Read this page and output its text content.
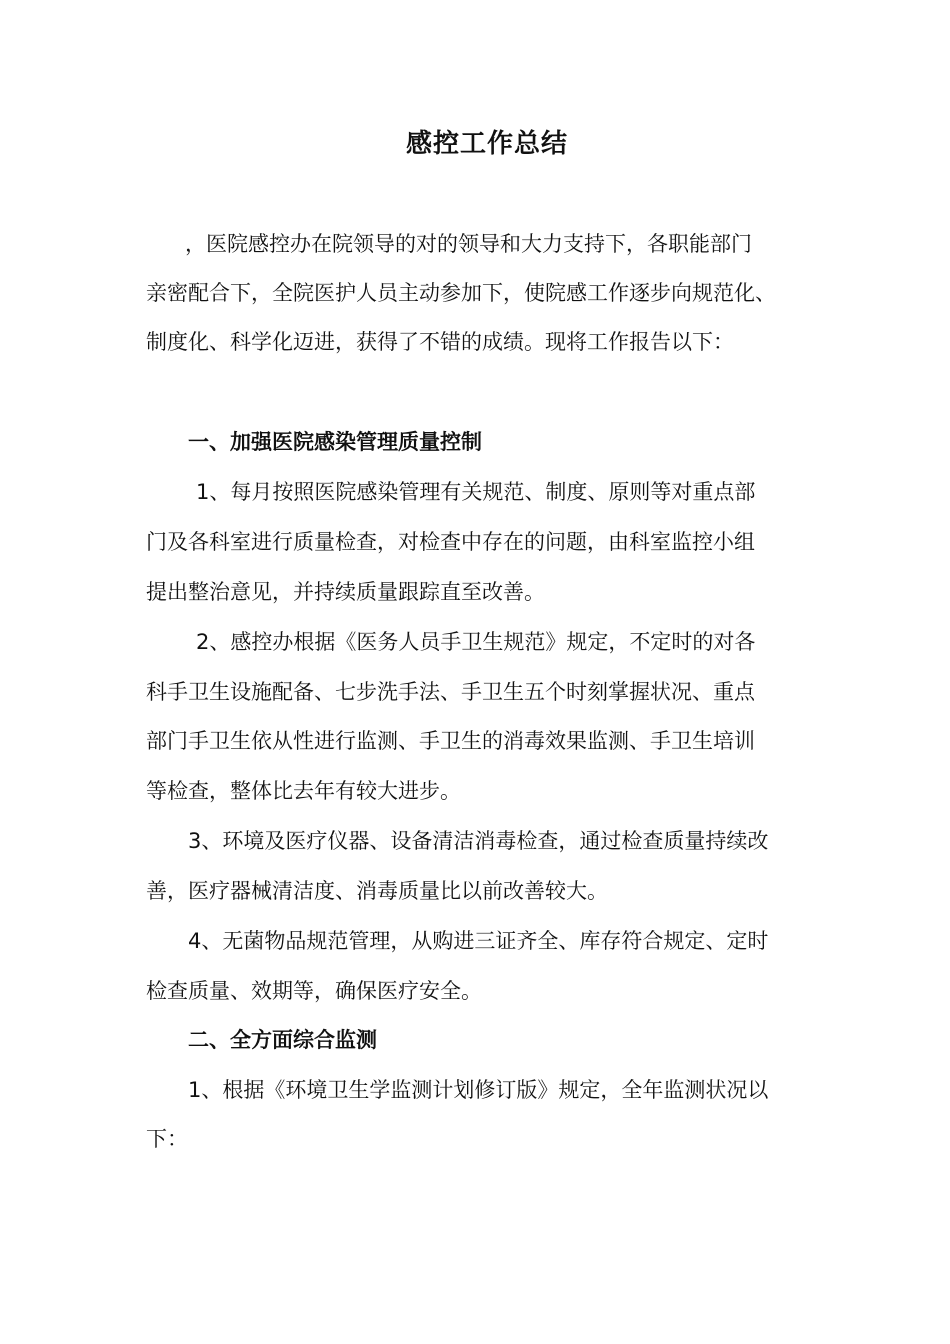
感控工作总结
，医院感控办在院领导的对的领导和大力支持下，各职能部门
亲密配合下，全院医护人员主动参加下，使院感工作逐步向规范化、
制度化、科学化迈进，获得了不错的成绩。现将工作报告以下：
一、加强医院感染管理质量控制
1、每月按照医院感染管理有关规范、制度、原则等对重点部
门及各科室进行质量检查，对检查中存在的问题，由科室监控小组
提出整治意见，并持续质量跟踪直至改善。
2、感控办根据《医务人员手卫生规范》规定，不定时的对各
科手卫生设施配备、七步洗手法、手卫生五个时刻掌握状况、重点
部门手卫生依从性进行监测、手卫生的消毒效果监测、手卫生培训
等检查，整体比去年有较大进步。
3、环境及医疗仪器、设备清洁消毒检查，通过检查质量持续改
善，医疗器械清洁度、消毒质量比以前改善较大。
4、无菌物品规范管理，从购进三证齐全、库存符合规定、定时
检查质量、效期等，确保医疗安全。
二、全方面综合监测
1、根据《环境卫生学监测计划修订版》规定，全年监测状况以
下：
